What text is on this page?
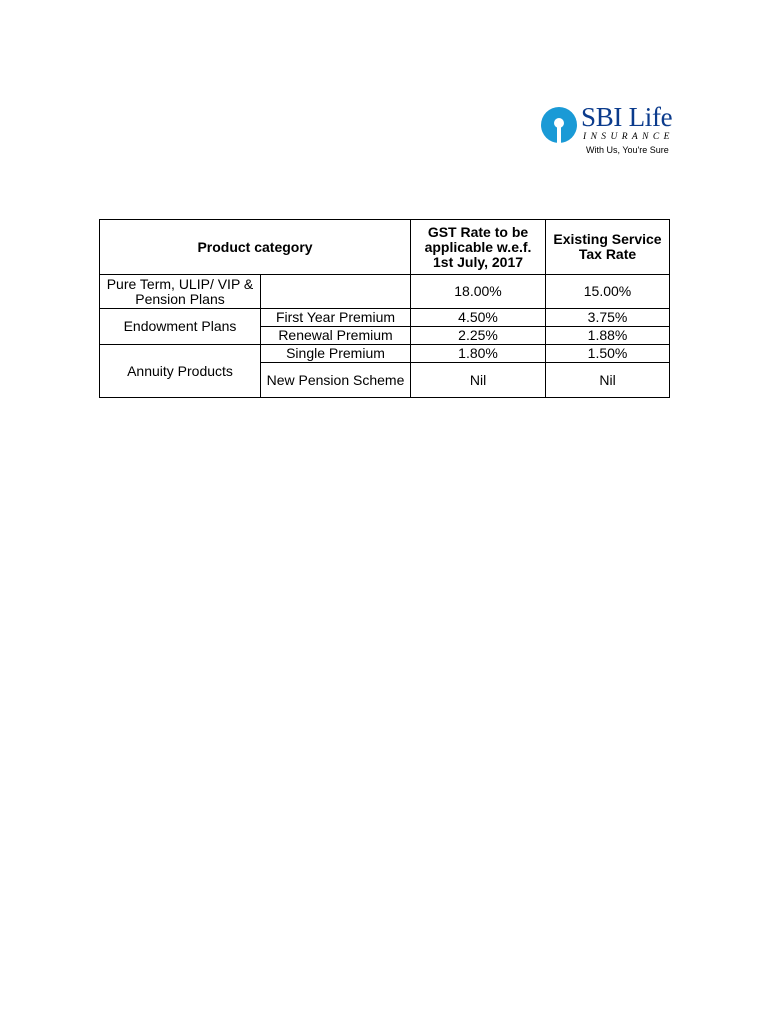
SBI Life
INSURANCE
With Us, You're Sure
Product category		GST Rate to be applicable w.e.f. 1st July, 2017	Existing Service Tax Rate
Pure Term, ULIP/ VIP & Pension Plans		18.00%	15.00%
Endowment Plans	First Year Premium	4.50%	3.75%
	Renewal Premium	2.25%	1.88%
Annuity Products	Single Premium	1.80%	1.50%
	New Pension Scheme	Nil	Nil
